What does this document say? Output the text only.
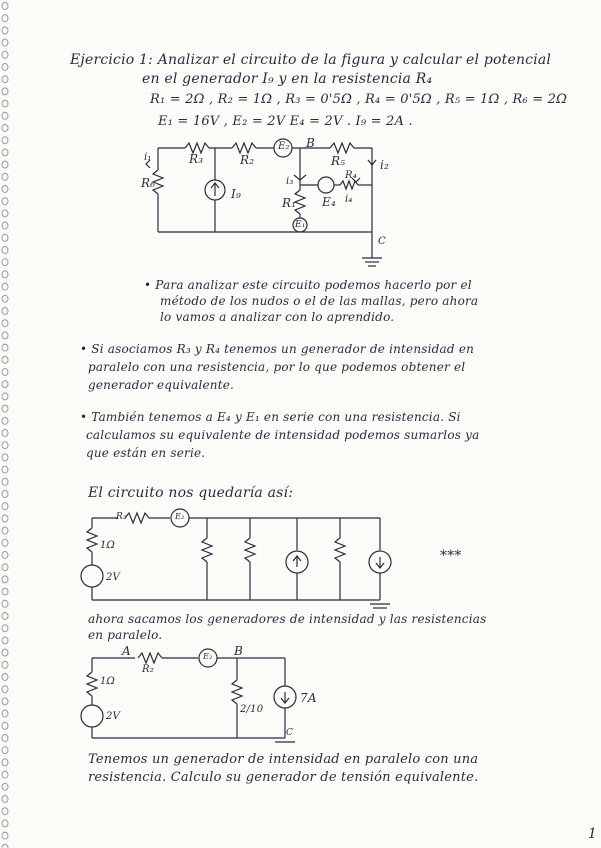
Ejercicio 1: Analizar el circuito de la figura y calcular el potencial
en el generador I₉ y en la resistencia R₄
R₁ = 2Ω , R₂ = 1Ω , R₃ = 0'5Ω , R₄ = 0'5Ω , R₅ = 1Ω , R₆ = 2Ω
E₁ = 16V , E₂ = 2V E₄ = 2V . I₉ = 2A .
R₃	R₂
E₂ B
R₅
R₆
i₁
I₉
R₁
E₁
i₃
E₄
R₄
i₄
i₂
C
• Para analizar este circuito podemos hacerlo por el
método de los nudos o el de las mallas, pero ahora
lo vamos a analizar con lo aprendido.
• Si asociamos R₃ y R₄ tenemos un generador de intensidad en
paralelo con una resistencia, por lo que podemos obtener el
generador equivalente.
• También tenemos a E₄ y E₁ en serie con una resistencia. Si
calculamos su equivalente de intensidad podemos sumarlos ya
que están en serie.
El circuito nos quedaría así:
R₂
1Ω
2V
E₂
***
ahora sacamos los generadores de intensidad y las resistencias
en paralelo.
A
R₂
E₂ B
1Ω
2V
2/10
7A
C
Tenemos un generador de intensidad en paralelo con una
resistencia. Calculo su generador de tensión equivalente.
1
